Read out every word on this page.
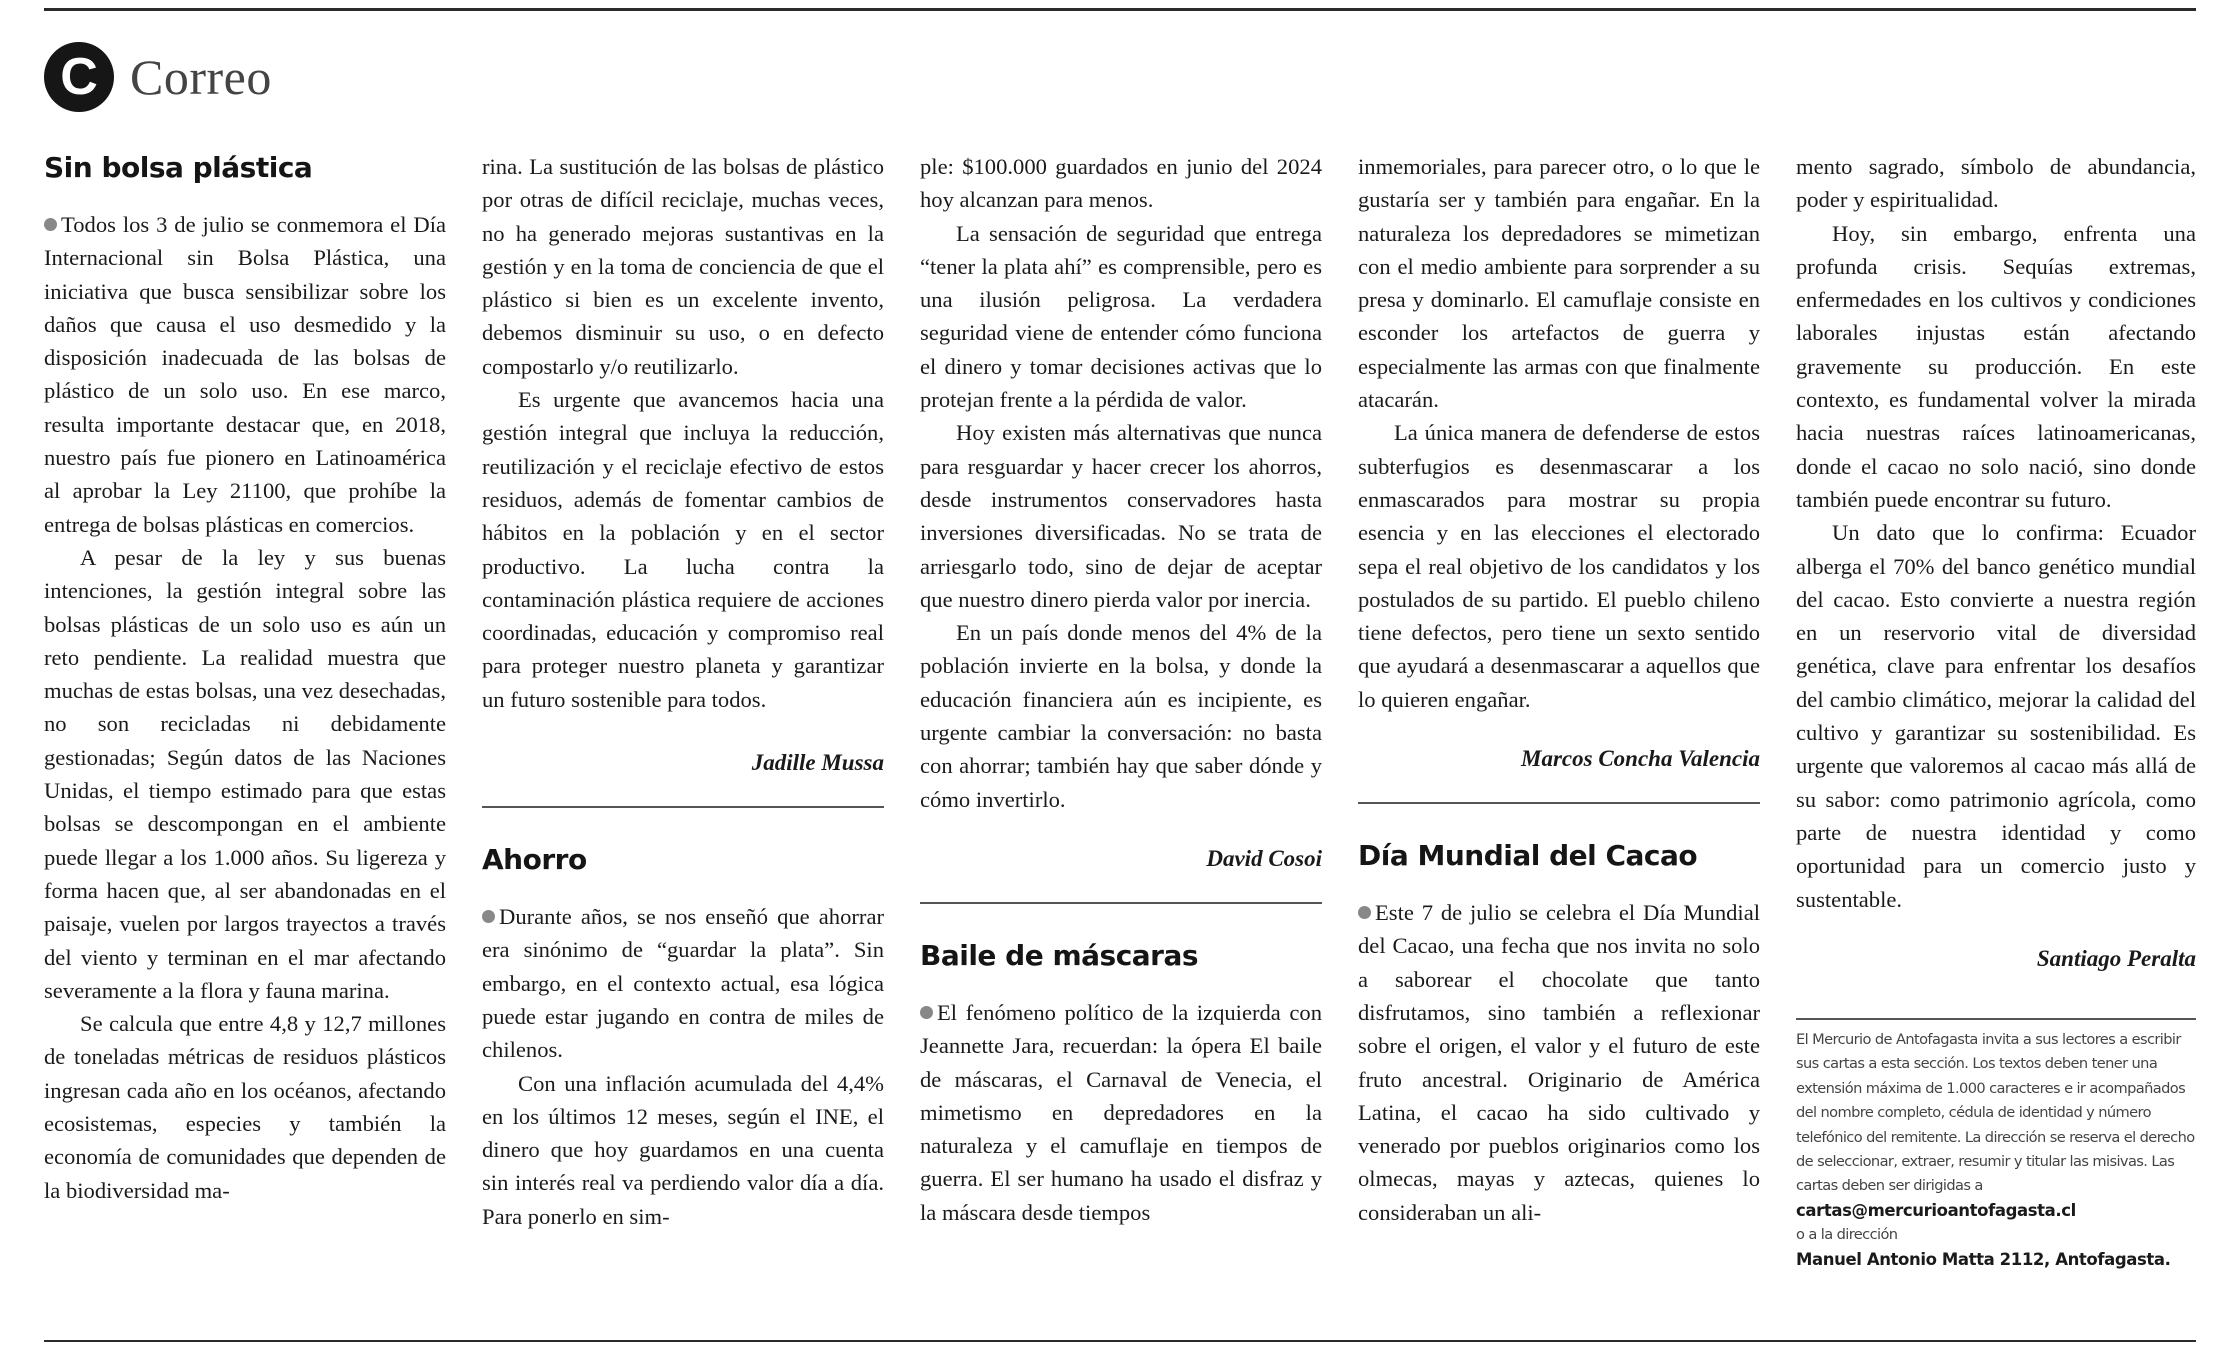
C Correo
Sin bolsa plástica

Todos los 3 de julio se conmemora el Día Internacional sin Bolsa Plástica, una iniciativa que busca sensibilizar sobre los daños que causa el uso desmedido y la disposición inadecuada de las bolsas de plástico de un solo uso. En ese marco, resulta importante destacar que, en 2018, nuestro país fue pionero en Latinoamérica al aprobar la Ley 21100, que prohíbe la entrega de bolsas plásticas en comercios.

A pesar de la ley y sus buenas intenciones, la gestión integral sobre las bolsas plásticas de un solo uso es aún un reto pendiente. La realidad muestra que muchas de estas bolsas, una vez desechadas, no son recicladas ni debidamente gestionadas; Según datos de las Naciones Unidas, el tiempo estimado para que estas bolsas se descompongan en el ambiente puede llegar a los 1.000 años. Su ligereza y forma hacen que, al ser abandonadas en el paisaje, vuelen por largos trayectos a través del viento y terminan en el mar afectando severamente a la flora y fauna marina.

Se calcula que entre 4,8 y 12,7 millones de toneladas métricas de residuos plásticos ingresan cada año en los océanos, afectando ecosistemas, especies y también la economía de comunidades que dependen de la biodiversidad ma-

rina. La sustitución de las bolsas de plástico por otras de difícil reciclaje, muchas veces, no ha generado mejoras sustantivas en la gestión y en la toma de conciencia de que el plástico si bien es un excelente invento, debemos disminuir su uso, o en defecto compostarlo y/o reutilizarlo.

Es urgente que avancemos hacia una gestión integral que incluya la reducción, reutilización y el reciclaje efectivo de estos residuos, además de fomentar cambios de hábitos en la población y en el sector productivo. La lucha contra la contaminación plástica requiere de acciones coordinadas, educación y compromiso real para proteger nuestro planeta y garantizar un futuro sostenible para todos.

Jadille Mussa
Ahorro

Durante años, se nos enseñó que ahorrar era sinónimo de “guardar la plata”. Sin embargo, en el contexto actual, esa lógica puede estar jugando en contra de miles de chilenos.

Con una inflación acumulada del 4,4% en los últimos 12 meses, según el INE, el dinero que hoy guardamos en una cuenta sin interés real va perdiendo valor día a día. Para ponerlo en sim-

ple: $100.000 guardados en junio del 2024 hoy alcanzan para menos.

La sensación de seguridad que entrega “tener la plata ahí” es comprensible, pero es una ilusión peligrosa. La verdadera seguridad viene de entender cómo funciona el dinero y tomar decisiones activas que lo protejan frente a la pérdida de valor.

Hoy existen más alternativas que nunca para resguardar y hacer crecer los ahorros, desde instrumentos conservadores hasta inversiones diversificadas. No se trata de arriesgarlo todo, sino de dejar de aceptar que nuestro dinero pierda valor por inercia.

En un país donde menos del 4% de la población invierte en la bolsa, y donde la educación financiera aún es incipiente, es urgente cambiar la conversación: no basta con ahorrar; también hay que saber dónde y cómo invertirlo.

David Cosoi
Baile de máscaras

El fenómeno político de la izquierda con Jeannette Jara, recuerdan: la ópera El baile de máscaras, el Carnaval de Venecia, el mimetismo en depredadores en la naturaleza y el camuflaje en tiempos de guerra. El ser humano ha usado el disfraz y la máscara desde tiempos

inmemoriales, para parecer otro, o lo que le gustaría ser y también para engañar. En la naturaleza los depredadores se mimetizan con el medio ambiente para sorprender a su presa y dominarlo. El camuflaje consiste en esconder los artefactos de guerra y especialmente las armas con que finalmente atacarán.

La única manera de defenderse de estos subterfugios es desenmascarar a los enmascarados para mostrar su propia esencia y en las elecciones el electorado sepa el real objetivo de los candidatos y los postulados de su partido. El pueblo chileno tiene defectos, pero tiene un sexto sentido que ayudará a desenmascarar a aquellos que lo quieren engañar.

Marcos Concha Valencia
Día Mundial del Cacao

Este 7 de julio se celebra el Día Mundial del Cacao, una fecha que nos invita no solo a saborear el chocolate que tanto disfrutamos, sino también a reflexionar sobre el origen, el valor y el futuro de este fruto ancestral. Originario de América Latina, el cacao ha sido cultivado y venerado por pueblos originarios como los olmecas, mayas y aztecas, quienes lo consideraban un ali-

mento sagrado, símbolo de abundancia, poder y espiritualidad.

Hoy, sin embargo, enfrenta una profunda crisis. Sequías extremas, enfermedades en los cultivos y condiciones laborales injustas están afectando gravemente su producción. En este contexto, es fundamental volver la mirada hacia nuestras raíces latinoamericanas, donde el cacao no solo nació, sino donde también puede encontrar su futuro.

Un dato que lo confirma: Ecuador alberga el 70% del banco genético mundial del cacao. Esto convierte a nuestra región en un reservorio vital de diversidad genética, clave para enfrentar los desafíos del cambio climático, mejorar la calidad del cultivo y garantizar su sostenibilidad. Es urgente que valoremos al cacao más allá de su sabor: como patrimonio agrícola, como parte de nuestra identidad y como oportunidad para un comercio justo y sustentable.

Santiago Peralta
El Mercurio de Antofagasta invita a sus lectores a escribir sus cartas a esta sección. Los textos deben tener una extensión máxima de 1.000 caracteres e ir acompañados del nombre completo, cédula de identidad y número telefónico del remitente. La dirección se reserva el derecho de seleccionar, extraer, resumir y titular las misivas. Las cartas deben ser dirigidas a
cartas@mercurioantofagasta.cl
o a la dirección
Manuel Antonio Matta 2112, Antofagasta.
